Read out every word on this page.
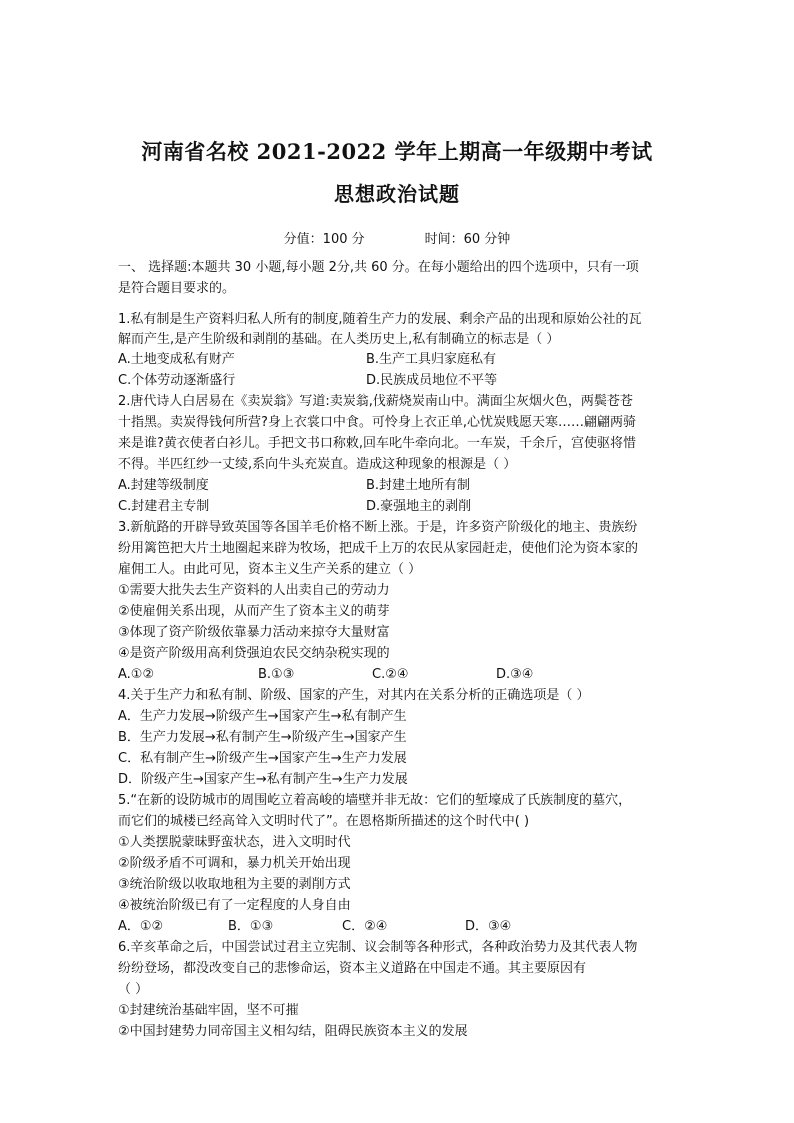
河南省名校 2021-2022 学年上期高一年级期中考试
思想政治试题
分值：100 分	时间：60 分钟
一、 选择题:本题共 30 小题,每小题 2分,共 60 分。在每小题给出的四个选项中，只有一项
是符合题目要求的。
1.私有制是生产资料归私人所有的制度,随着生产力的发展、剩余产品的出现和原始公社的瓦
解而产生,是产生阶级和剥削的基础。在人类历史上,私有制确立的标志是（ ）
A.土地变成私有财产	B.生产工具归家庭私有
C.个体劳动逐渐盛行	D.民族成员地位不平等
2.唐代诗人白居易在《卖炭翁》写道:卖炭翁,伐薪烧炭南山中。满面尘灰烟火色，两鬓苍苍
十指黑。卖炭得钱何所营?身上衣裳口中食。可怜身上衣正单,心忧炭贱愿天寒……翩翩两骑
来是谁?黄衣使者白衫儿。手把文书口称敕,回车叱牛牵向北。一车炭，千余斤，宫使驱将惜
不得。半匹红纱一丈绫,系向牛头充炭直。造成这种现象的根源是（ ）
A.封建等级制度	B.封建土地所有制
C.封建君主专制	D.豪强地主的剥削
3.新航路的开辟导致英国等各国羊毛价格不断上涨。于是，许多资产阶级化的地主、贵族纷
纷用篱笆把大片土地圈起来辟为牧场，把成千上万的农民从家园赶走，使他们沦为资本家的
雇佣工人。由此可见，资本主义生产关系的建立（ ）
①需要大批失去生产资料的人出卖自己的劳动力
②使雇佣关系出现，从而产生了资本主义的萌芽
③体现了资产阶级依靠暴力活动来掠夺大量财富
④是资产阶级用高利贷强迫农民交纳杂税实现的
A.①②	B.①③	C.②④	D.③④
4.关于生产力和私有制、阶级、国家的产生，对其内在关系分析的正确选项是（ ）
A．生产力发展→阶级产生→国家产生→私有制产生
B．生产力发展→私有制产生→阶级产生→国家产生
C．私有制产生→阶级产生→国家产生→生产力发展
D．阶级产生→国家产生→私有制产生→生产力发展
5.“在新的设防城市的周围屹立着高峻的墙壁并非无故：它们的堑壕成了氏族制度的墓穴，
而它们的城楼已经高耸入文明时代了”。在恩格斯所描述的这个时代中( )
①人类摆脱蒙昧野蛮状态，进入文明时代
②阶级矛盾不可调和，暴力机关开始出现
③统治阶级以收取地租为主要的剥削方式
④被统治阶级已有了一定程度的人身自由
A．①②	B．①③	C．②④	D．③④
6.辛亥革命之后，中国尝试过君主立宪制、议会制等各种形式，各种政治势力及其代表人物
纷纷登场，都没改变自己的悲惨命运，资本主义道路在中国走不通。其主要原因有
（ ）
①封建统治基础牢固，坚不可摧
②中国封建势力同帝国主义相勾结，阻碍民族资本主义的发展
